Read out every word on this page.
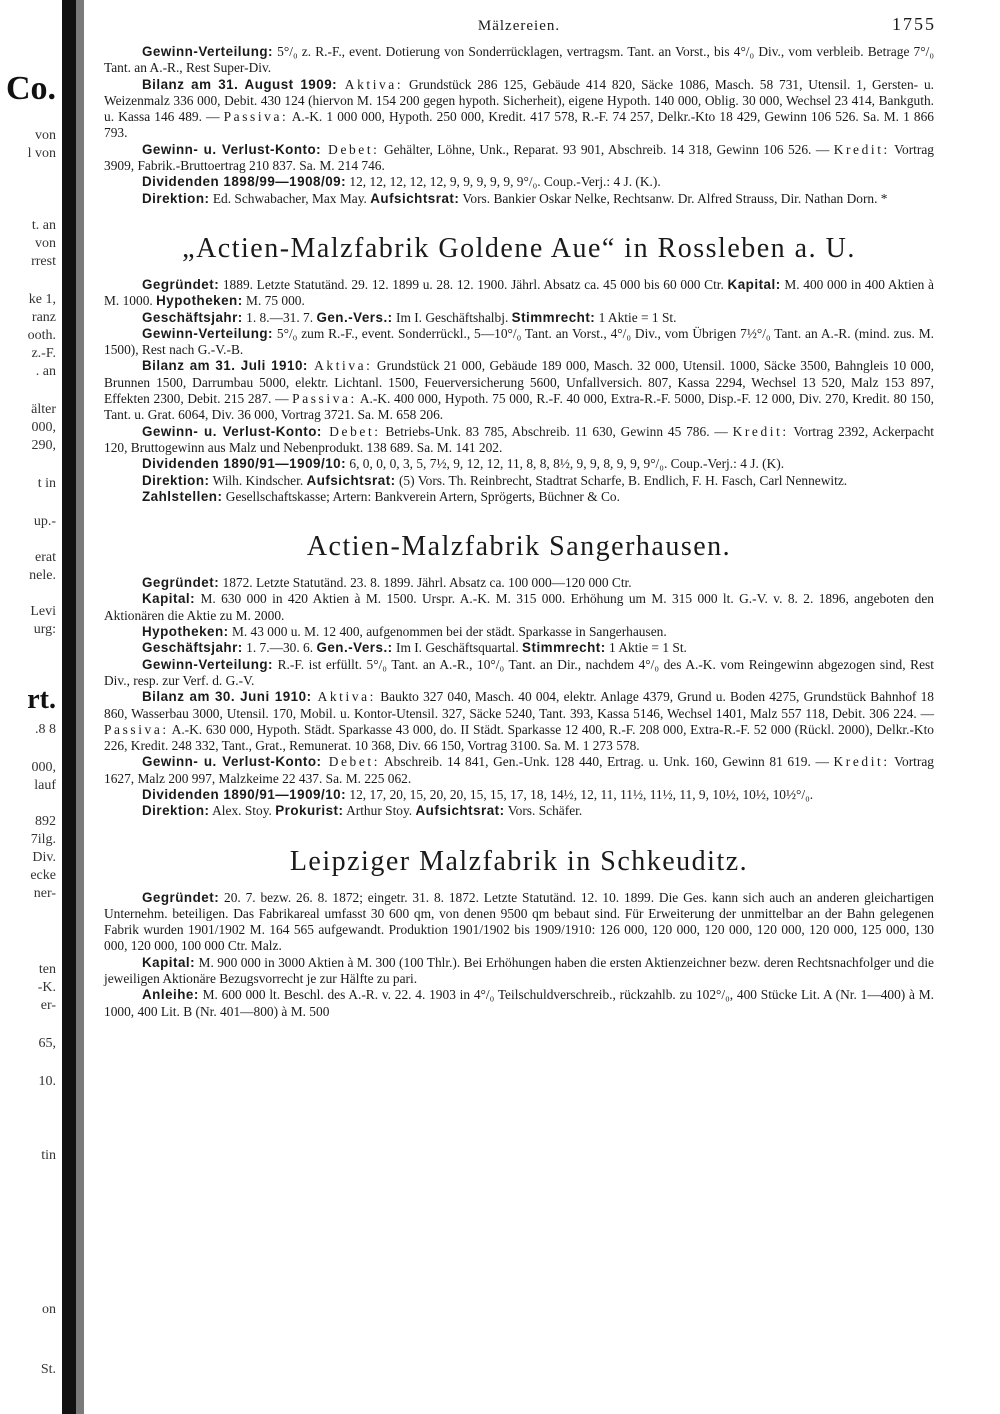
Co.
von
l von
t. an
von
rrest
ke 1,
ranz
ooth.
z.-F.
. an
älter
000,
290,
t in
up.-
erat
nele.
Levi
urg:
rt.
.8 8
000,
lauf
892
7ilg.
Div.
ecke
ner-
ten
-K.
er-
65,
10.
tin
on
St.
Mälzereien.	1755

Gewinn-Verteilung: 5°/₀ z. R.-F., event. Dotierung von Sonderrücklagen, vertragsm. Tant. an Vorst., bis 4°/₀ Div., vom verbleib. Betrage 7°/₀ Tant. an A.-R., Rest Super-Div.

Bilanz am 31. August 1909: Aktiva: Grundstück 286 125, Gebäude 414 820, Säcke 1086, Masch. 58 731, Utensil. 1, Gersten- u. Weizenmalz 336 000, Debit. 430 124 (hiervon M. 154 200 gegen hypoth. Sicherheit), eigene Hypoth. 140 000, Oblig. 30 000, Wechsel 23 414, Bankguth. u. Kassa 146 489. — Passiva: A.-K. 1 000 000, Hypoth. 250 000, Kredit. 417 578, R.-F. 74 257, Delkr.-Kto 18 429, Gewinn 106 526. Sa. M. 1 866 793.

Gewinn- u. Verlust-Konto: Debet: Gehälter, Löhne, Unk., Reparat. 93 901, Abschreib. 14 318, Gewinn 106 526. — Kredit: Vortrag 3909, Fabrik.-Bruttoertrag 210 837. Sa. M. 214 746.

Dividenden 1898/99—1908/09: 12, 12, 12, 12, 12, 9, 9, 9, 9, 9, 9°/₀. Coup.-Verj.: 4 J. (K.).

Direktion: Ed. Schwabacher, Max May. Aufsichtsrat: Vors. Bankier Oskar Nelke, Rechtsanw. Dr. Alfred Strauss, Dir. Nathan Dorn. *

„Actien-Malzfabrik Goldene Aue“ in Rossleben a. U.

Gegründet: 1889. Letzte Statutänd. 29. 12. 1899 u. 28. 12. 1900. Jährl. Absatz ca. 45 000 bis 60 000 Ctr. Kapital: M. 400 000 in 400 Aktien à M. 1000. Hypotheken: M. 75 000.

Geschäftsjahr: 1. 8.—31. 7. Gen.-Vers.: Im I. Geschäftshalbj. Stimmrecht: 1 Aktie = 1 St.

Gewinn-Verteilung: 5°/₀ zum R.-F., event. Sonderrückl., 5—10°/₀ Tant. an Vorst., 4°/₀ Div., vom Übrigen 7½°/₀ Tant. an A.-R. (mind. zus. M. 1500), Rest nach G.-V.-B.

Bilanz am 31. Juli 1910: Aktiva: Grundstück 21 000, Gebäude 189 000, Masch. 32 000, Utensil. 1000, Säcke 3500, Bahngleis 10 000, Brunnen 1500, Darrumbau 5000, elektr. Lichtanl. 1500, Feuerversicherung 5600, Unfallversich. 807, Kassa 2294, Wechsel 13 520, Malz 153 897, Effekten 2300, Debit. 215 287. — Passiva: A.-K. 400 000, Hypoth. 75 000, R.-F. 40 000, Extra-R.-F. 5000, Disp.-F. 12 000, Div. 270, Kredit. 80 150, Tant. u. Grat. 6064, Div. 36 000, Vortrag 3721. Sa. M. 658 206.

Gewinn- u. Verlust-Konto: Debet: Betriebs-Unk. 83 785, Abschreib. 11 630, Gewinn 45 786. — Kredit: Vortrag 2392, Ackerpacht 120, Bruttogewinn aus Malz und Nebenprodukt. 138 689. Sa. M. 141 202.

Dividenden 1890/91—1909/10: 6, 0, 0, 0, 3, 5, 7½, 9, 12, 12, 11, 8, 8, 8½, 9, 9, 8, 9, 9, 9°/₀. Coup.-Verj.: 4 J. (K).

Direktion: Wilh. Kindscher. Aufsichtsrat: (5) Vors. Th. Reinbrecht, Stadtrat Scharfe, B. Endlich, F. H. Fasch, Carl Nennewitz.

Zahlstellen: Gesellschaftskasse; Artern: Bankverein Artern, Sprögerts, Büchner & Co.

Actien-Malzfabrik Sangerhausen.

Gegründet: 1872. Letzte Statutänd. 23. 8. 1899. Jährl. Absatz ca. 100 000—120 000 Ctr.

Kapital: M. 630 000 in 420 Aktien à M. 1500. Urspr. A.-K. M. 315 000. Erhöhung um M. 315 000 lt. G.-V. v. 8. 2. 1896, angeboten den Aktionären die Aktie zu M. 2000.

Hypotheken: M. 43 000 u. M. 12 400, aufgenommen bei der städt. Sparkasse in Sangerhausen.

Geschäftsjahr: 1. 7.—30. 6. Gen.-Vers.: Im I. Geschäftsquartal. Stimmrecht: 1 Aktie = 1 St.

Gewinn-Verteilung: R.-F. ist erfüllt. 5°/₀ Tant. an A.-R., 10°/₀ Tant. an Dir., nachdem 4°/₀ des A.-K. vom Reingewinn abgezogen sind, Rest Div., resp. zur Verf. d. G.-V.

Bilanz am 30. Juni 1910: Aktiva: Baukto 327 040, Masch. 40 004, elektr. Anlage 4379, Grund u. Boden 4275, Grundstück Bahnhof 18 860, Wasserbau 3000, Utensil. 170, Mobil. u. Kontor-Utensil. 327, Säcke 5240, Tant. 393, Kassa 5146, Wechsel 1401, Malz 557 118, Debit. 306 224. — Passiva: A.-K. 630 000, Hypoth. Städt. Sparkasse 43 000, do. II Städt. Sparkasse 12 400, R.-F. 208 000, Extra-R.-F. 52 000 (Rückl. 2000), Delkr.-Kto 226, Kredit. 248 332, Tant., Grat., Remunerat. 10 368, Div. 66 150, Vortrag 3100. Sa. M. 1 273 578.

Gewinn- u. Verlust-Konto: Debet: Abschreib. 14 841, Gen.-Unk. 128 440, Ertrag. u. Unk. 160, Gewinn 81 619. — Kredit: Vortrag 1627, Malz 200 997, Malzkeime 22 437. Sa. M. 225 062.

Dividenden 1890/91—1909/10: 12, 17, 20, 15, 20, 20, 15, 15, 17, 18, 14½, 12, 11, 11½, 11½, 11, 9, 10½, 10½, 10½°/₀.

Direktion: Alex. Stoy. Prokurist: Arthur Stoy. Aufsichtsrat: Vors. Schäfer.

Leipziger Malzfabrik in Schkeuditz.

Gegründet: 20. 7. bezw. 26. 8. 1872; eingetr. 31. 8. 1872. Letzte Statutänd. 12. 10. 1899. Die Ges. kann sich auch an anderen gleichartigen Unternehm. beteiligen. Das Fabrikareal umfasst 30 600 qm, von denen 9500 qm bebaut sind. Für Erweiterung der unmittelbar an der Bahn gelegenen Fabrik wurden 1901/1902 M. 164 565 aufgewandt. Produktion 1901/1902 bis 1909/1910: 126 000, 120 000, 120 000, 120 000, 120 000, 125 000, 130 000, 120 000, 100 000 Ctr. Malz.

Kapital: M. 900 000 in 3000 Aktien à M. 300 (100 Thlr.). Bei Erhöhungen haben die ersten Aktienzeichner bezw. deren Rechtsnachfolger und die jeweiligen Aktionäre Bezugsvorrecht je zur Hälfte zu pari.

Anleihe: M. 600 000 lt. Beschl. des A.-R. v. 22. 4. 1903 in 4°/₀ Teilschuldverschreib., rückzahlb. zu 102°/₀, 400 Stücke Lit. A (Nr. 1—400) à M. 1000, 400 Lit. B (Nr. 401—800) à M. 500
